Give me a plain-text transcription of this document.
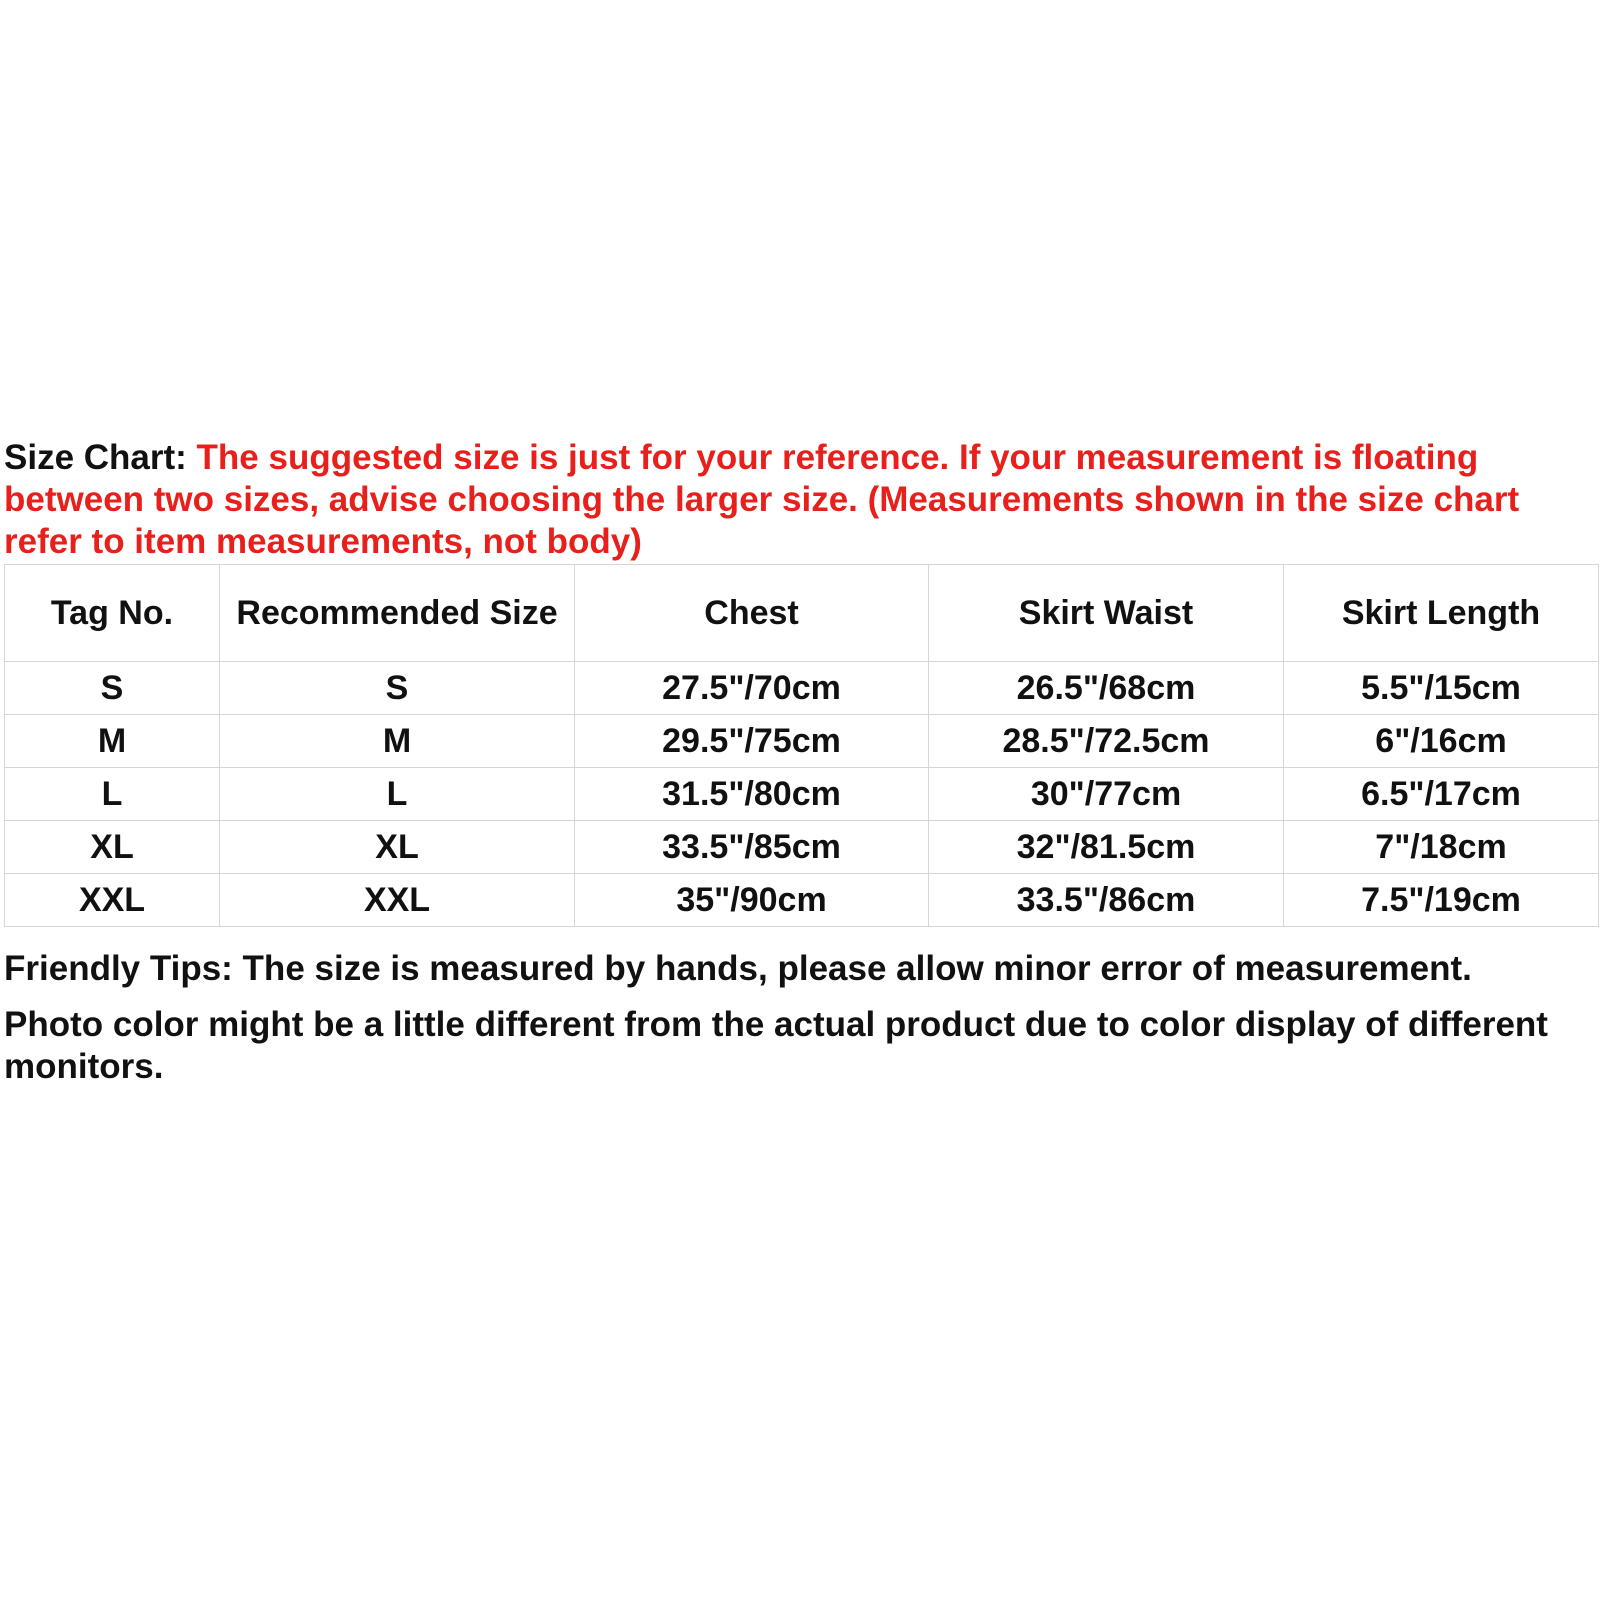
Size Chart: The suggested size is just for your reference. If your measurement is floating between two sizes, advise choosing the larger size. (Measurements shown in the size chart refer to item measurements, not body)

Tag No.	Recommended Size	Chest	Skirt Waist	Skirt Length
S	S	27.5"/70cm	26.5"/68cm	5.5"/15cm
M	M	29.5"/75cm	28.5"/72.5cm	6"/16cm
L	L	31.5"/80cm	30"/77cm	6.5"/17cm
XL	XL	33.5"/85cm	32"/81.5cm	7"/18cm
XXL	XXL	35"/90cm	33.5"/86cm	7.5"/19cm

Friendly Tips: The size is measured by hands, please allow minor error of measurement.

Photo color might be a little different from the actual product due to color display of different monitors.
